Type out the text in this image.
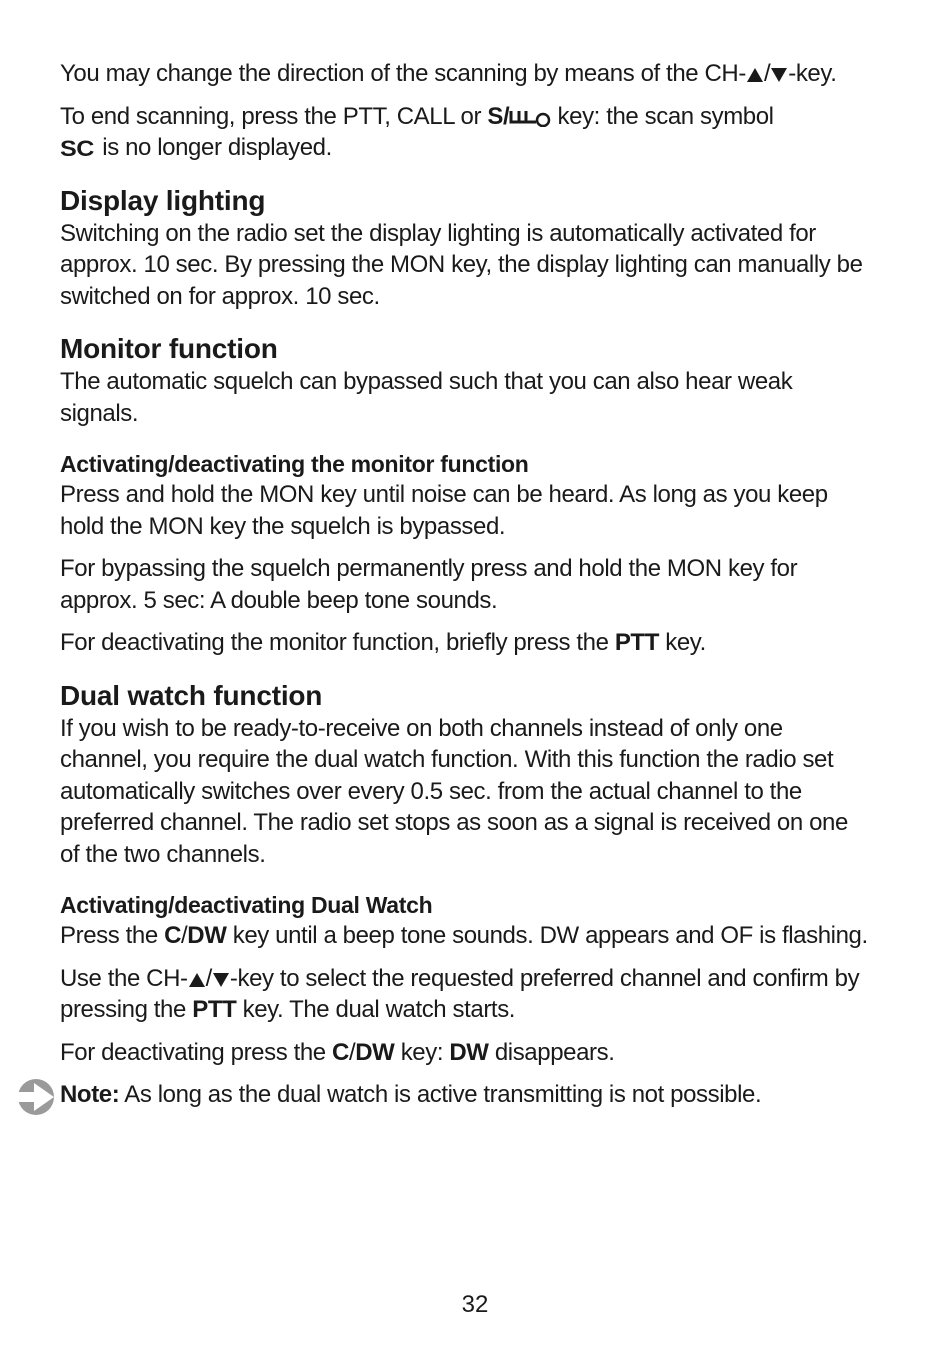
You may change the direction of the scanning by means of the CH- / -key.

To end scanning, press the PTT, CALL or S/ key: the scan symbol

SC is no longer displayed.

Display lighting

Switching on the radio set the display lighting is automatically activated for approx. 10 sec. By pressing the MON key, the display lighting can manually be switched on for approx. 10 sec.

Monitor function

The automatic squelch can bypassed such that you can also hear weak signals.

Activating/deactivating the monitor function

Press and hold the MON key until noise can be heard. As long as you keep hold the MON key the squelch is bypassed.

For bypassing the squelch permanently press and hold the MON key for approx. 5 sec: A double beep tone sounds.

For deactivating the monitor function, briefly press the PTT key.

Dual watch function

If you wish to be ready-to-receive on both channels instead of only one channel, you require the dual watch function. With this function the radio set automatically switches over every 0.5 sec. from the actual channel to the preferred channel. The radio set stops as soon as a signal is received on one of the two channels.

Activating/deactivating Dual Watch

Press the C/DW key until a beep tone sounds. DW appears and OF is flashing.

Use the CH- / -key to select the requested preferred channel and confirm by pressing the PTT key. The dual watch starts.

For deactivating press the C/DW key: DW disappears.

Note: As long as the dual watch is active transmitting is not possible.

32
